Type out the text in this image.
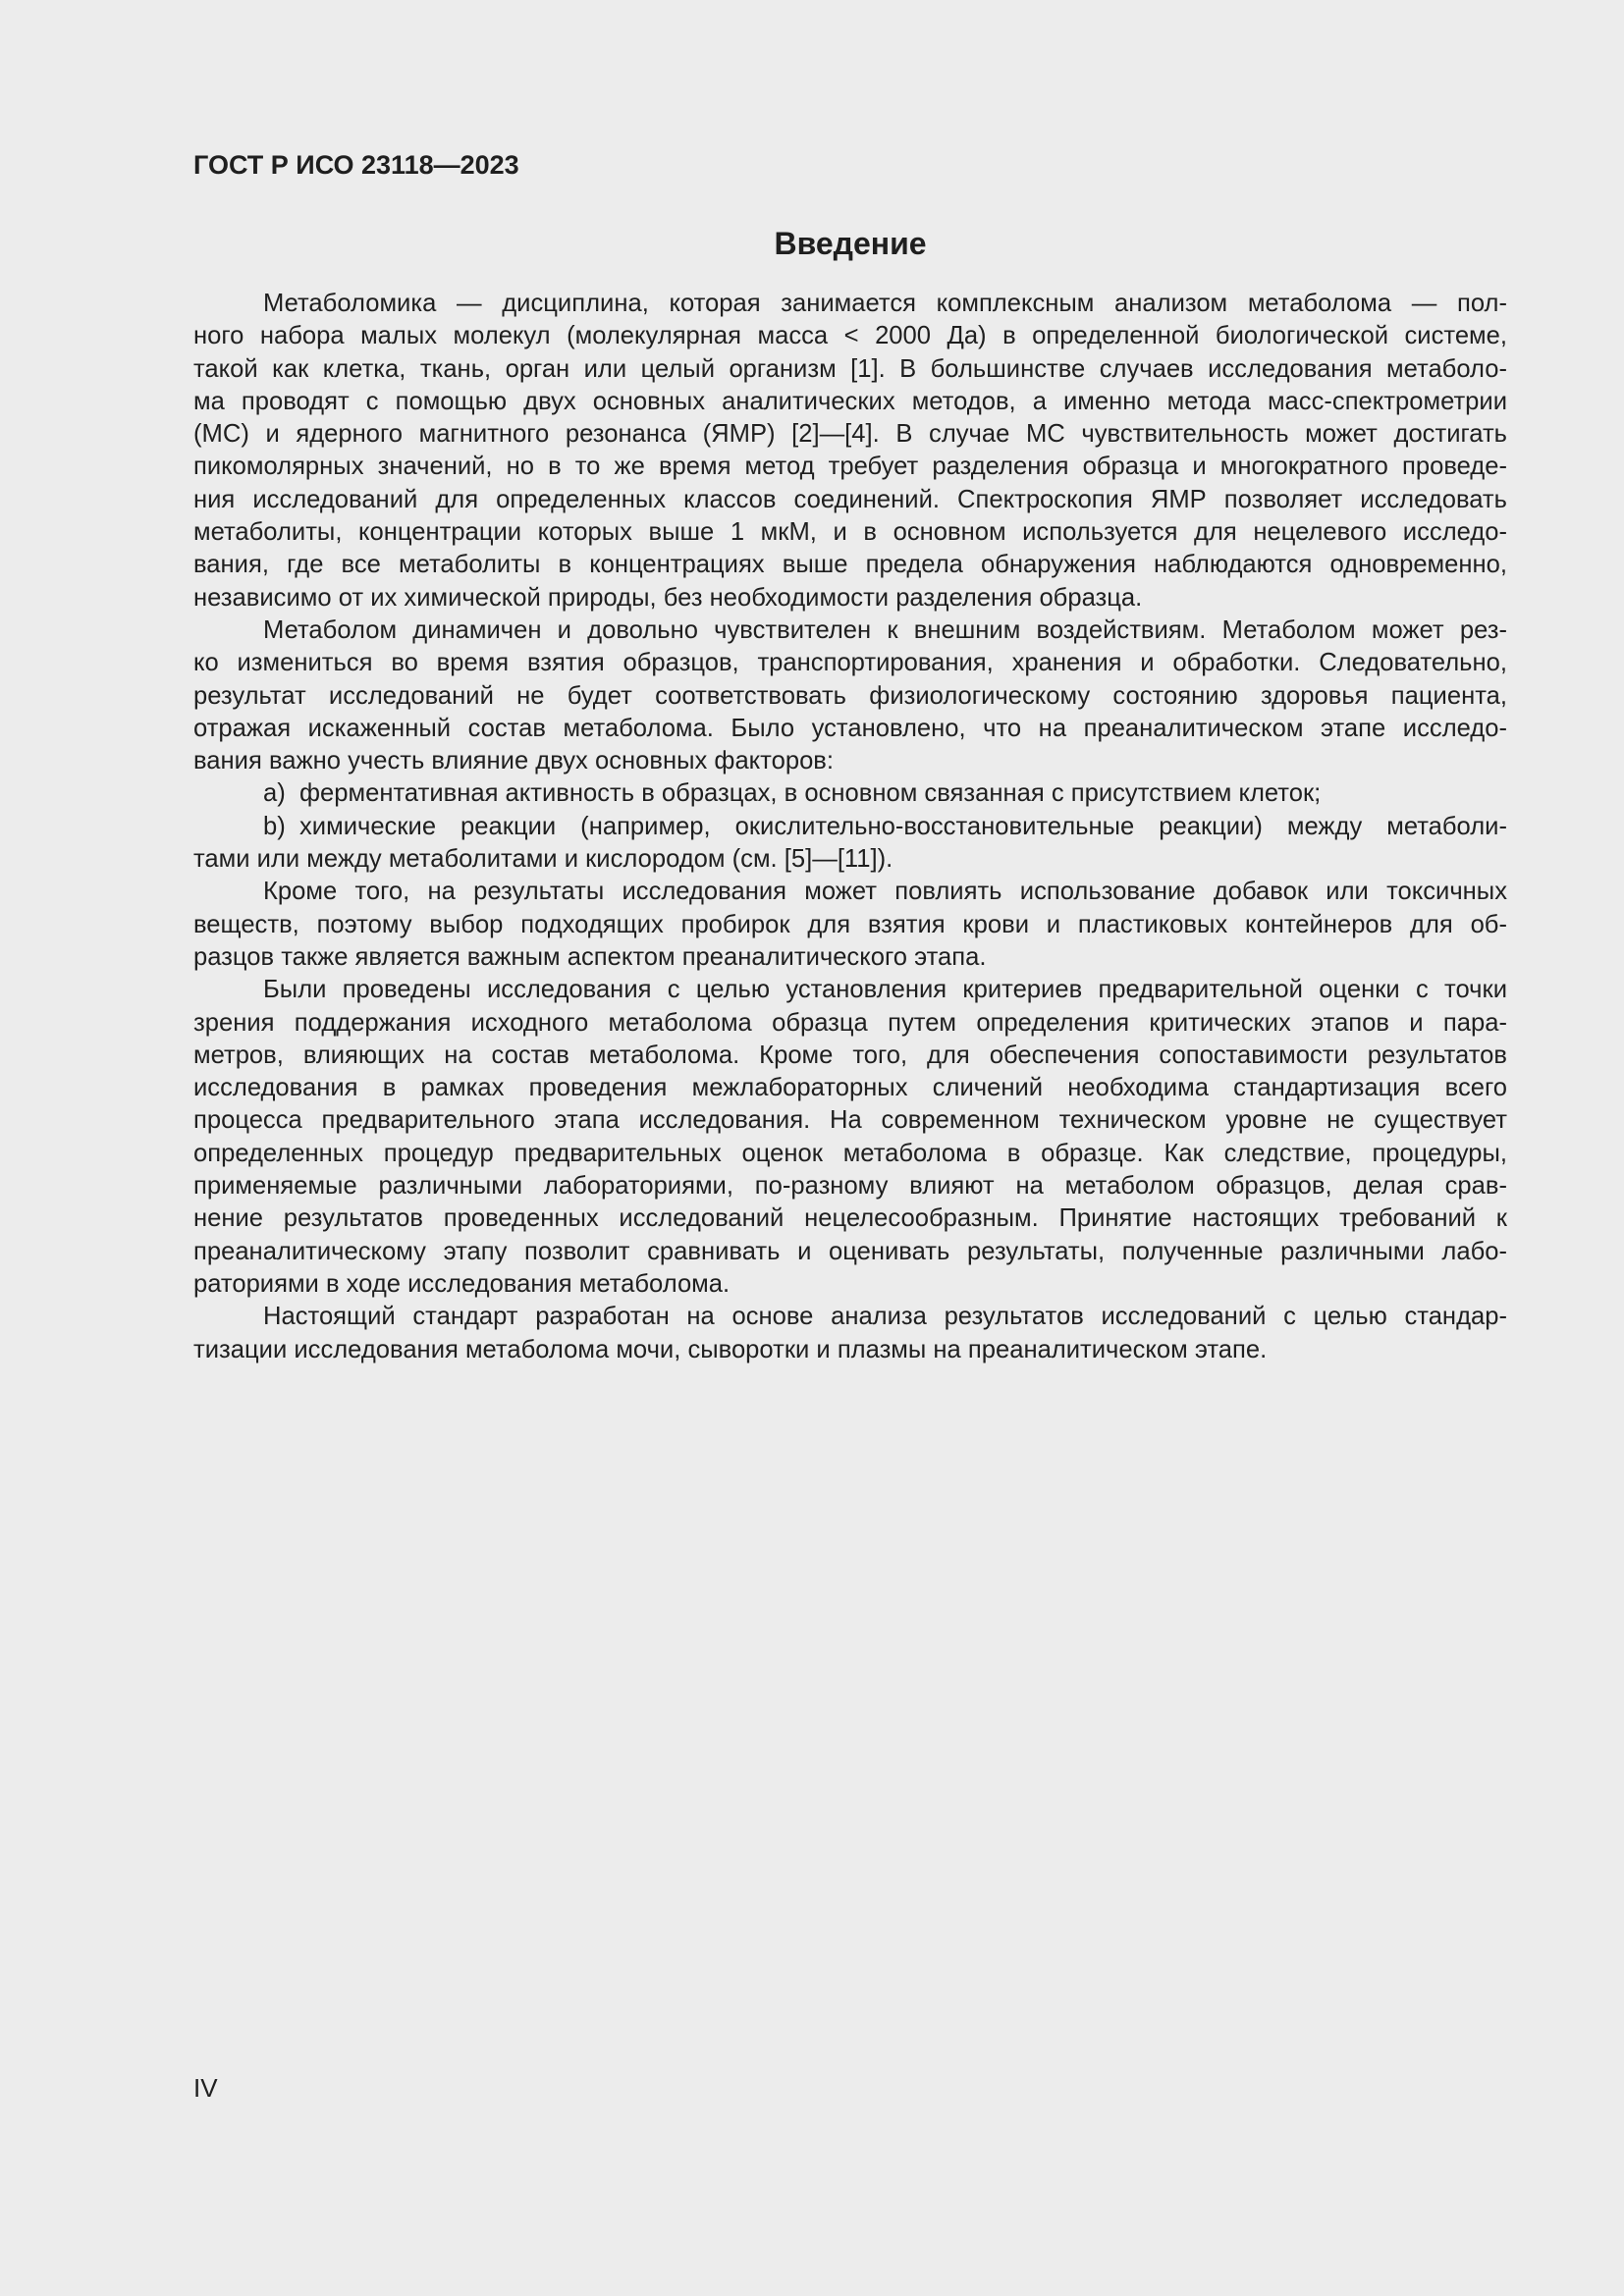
ГОСТ Р ИСО 23118—2023
Введение
Метаболомика — дисциплина, которая занимается комплексным анализом метаболома — пол-
ного набора малых молекул (молекулярная масса < 2000 Да) в определенной биологической системе,
такой как клетка, ткань, орган или целый организм [1]. В большинстве случаев исследования метаболо-
ма проводят с помощью двух основных аналитических методов, а именно метода масс-спектрометрии
(МС) и ядерного магнитного резонанса (ЯМР) [2]—[4]. В случае МС чувствительность может достигать
пикомолярных значений, но в то же время метод требует разделения образца и многократного проведе-
ния исследований для определенных классов соединений. Спектроскопия ЯМР позволяет исследовать
метаболиты, концентрации которых выше 1 мкМ, и в основном используется для нецелевого исследо-
вания, где все метаболиты в концентрациях выше предела обнаружения наблюдаются одновременно,
независимо от их химической природы, без необходимости разделения образца.
Метаболом динамичен и довольно чувствителен к внешним воздействиям. Метаболом может рез-
ко измениться во время взятия образцов, транспортирования, хранения и обработки. Следовательно,
результат исследований не будет соответствовать физиологическому состоянию здоровья пациента,
отражая искаженный состав метаболома. Было установлено, что на преаналитическом этапе исследо-
вания важно учесть влияние двух основных факторов:
a) ферментативная активность в образцах, в основном связанная с присутствием клеток;
b) химические реакции (например, окислительно-восстановительные реакции) между метаболи-
тами или между метаболитами и кислородом (см. [5]—[11]).
Кроме того, на результаты исследования может повлиять использование добавок или токсичных
веществ, поэтому выбор подходящих пробирок для взятия крови и пластиковых контейнеров для об-
разцов также является важным аспектом преаналитического этапа.
Были проведены исследования с целью установления критериев предварительной оценки с точки
зрения поддержания исходного метаболома образца путем определения критических этапов и пара-
метров, влияющих на состав метаболома. Кроме того, для обеспечения сопоставимости результатов
исследования в рамках проведения межлабораторных сличений необходима стандартизация всего
процесса предварительного этапа исследования. На современном техническом уровне не существует
определенных процедур предварительных оценок метаболома в образце. Как следствие, процедуры,
применяемые различными лабораториями, по-разному влияют на метаболом образцов, делая срав-
нение результатов проведенных исследований нецелесообразным. Принятие настоящих требований к
преаналитическому этапу позволит сравнивать и оценивать результаты, полученные различными лабо-
раториями в ходе исследования метаболома.
Настоящий стандарт разработан на основе анализа результатов исследований с целью стандар-
тизации исследования метаболома мочи, сыворотки и плазмы на преаналитическом этапе.
IV
